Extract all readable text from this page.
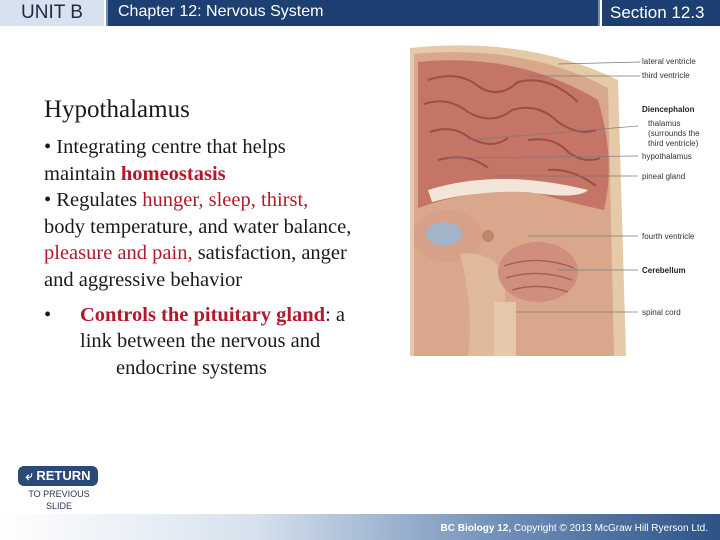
UNIT B	Chapter 12: Nervous System	Section 12.3
lateral ventricle
third ventricle
Diencephalon
thalamus
(surrounds the
third ventricle)
hypothalamus
pineal gland
fourth ventricle
Cerebellum
spinal cord
Hypothalamus
• Integrating centre that helps
maintain homeostasis
• Regulates hunger, sleep, thirst,
body temperature, and water balance,
pleasure and pain, satisfaction, anger
and aggressive behavior
• Controls the pituitary gland: a
link between the nervous and
endocrine systems
⤶ RETURN
TO PREVIOUS
SLIDE
BC Biology 12, Copyright © 2013 McGraw Hill Ryerson Ltd.
